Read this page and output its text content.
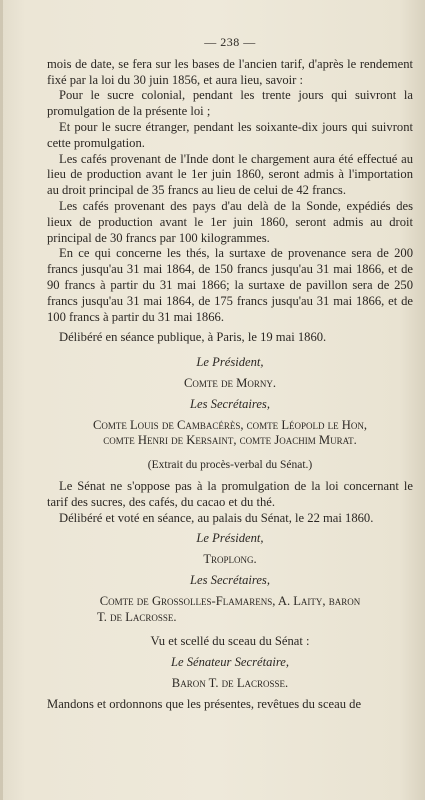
— 238 —

mois de date, se fera sur les bases de l'ancien tarif, d'après le rendement fixé par la loi du 30 juin 1856, et aura lieu, savoir :

Pour le sucre colonial, pendant les trente jours qui suivront la promulgation de la présente loi ;

Et pour le sucre étranger, pendant les soixante-dix jours qui suivront cette promulgation.

Les cafés provenant de l'Inde dont le chargement aura été effectué au lieu de production avant le 1er juin 1860, seront admis à l'importation au droit principal de 35 francs au lieu de celui de 42 francs.

Les cafés provenant des pays d'au delà de la Sonde, expédiés des lieux de production avant le 1er juin 1860, seront admis au droit principal de 30 francs par 100 kilogrammes.

En ce qui concerne les thés, la surtaxe de provenance sera de 200 francs jusqu'au 31 mai 1864, de 150 francs jusqu'au 31 mai 1866, et de 90 francs à partir du 31 mai 1866; la surtaxe de pavillon sera de 250 francs jusqu'au 31 mai 1864, de 175 francs jusqu'au 31 mai 1866, et de 100 francs à partir du 31 mai 1866.

Délibéré en séance publique, à Paris, le 19 mai 1860.

Le Président,

Comte de Morny.

Les Secrétaires,

Comte Louis de Cambacérès, comte Léopold le Hon,

comte Henri de Kersaint, comte Joachim Murat.

(Extrait du procès-verbal du Sénat.)

Le Sénat ne s'oppose pas à la promulgation de la loi concernant le tarif des sucres, des cafés, du cacao et du thé.

Délibéré et voté en séance, au palais du Sénat, le 22 mai 1860.

Le Président,

Troplong.

Les Secrétaires,

Comte de Grossolles-Flamarens, A. Laity, baron

T. de Lacrosse.

Vu et scellé du sceau du Sénat :

Le Sénateur Secrétaire,

Baron T. de Lacrosse.

Mandons et ordonnons que les présentes, revêtues du sceau de
